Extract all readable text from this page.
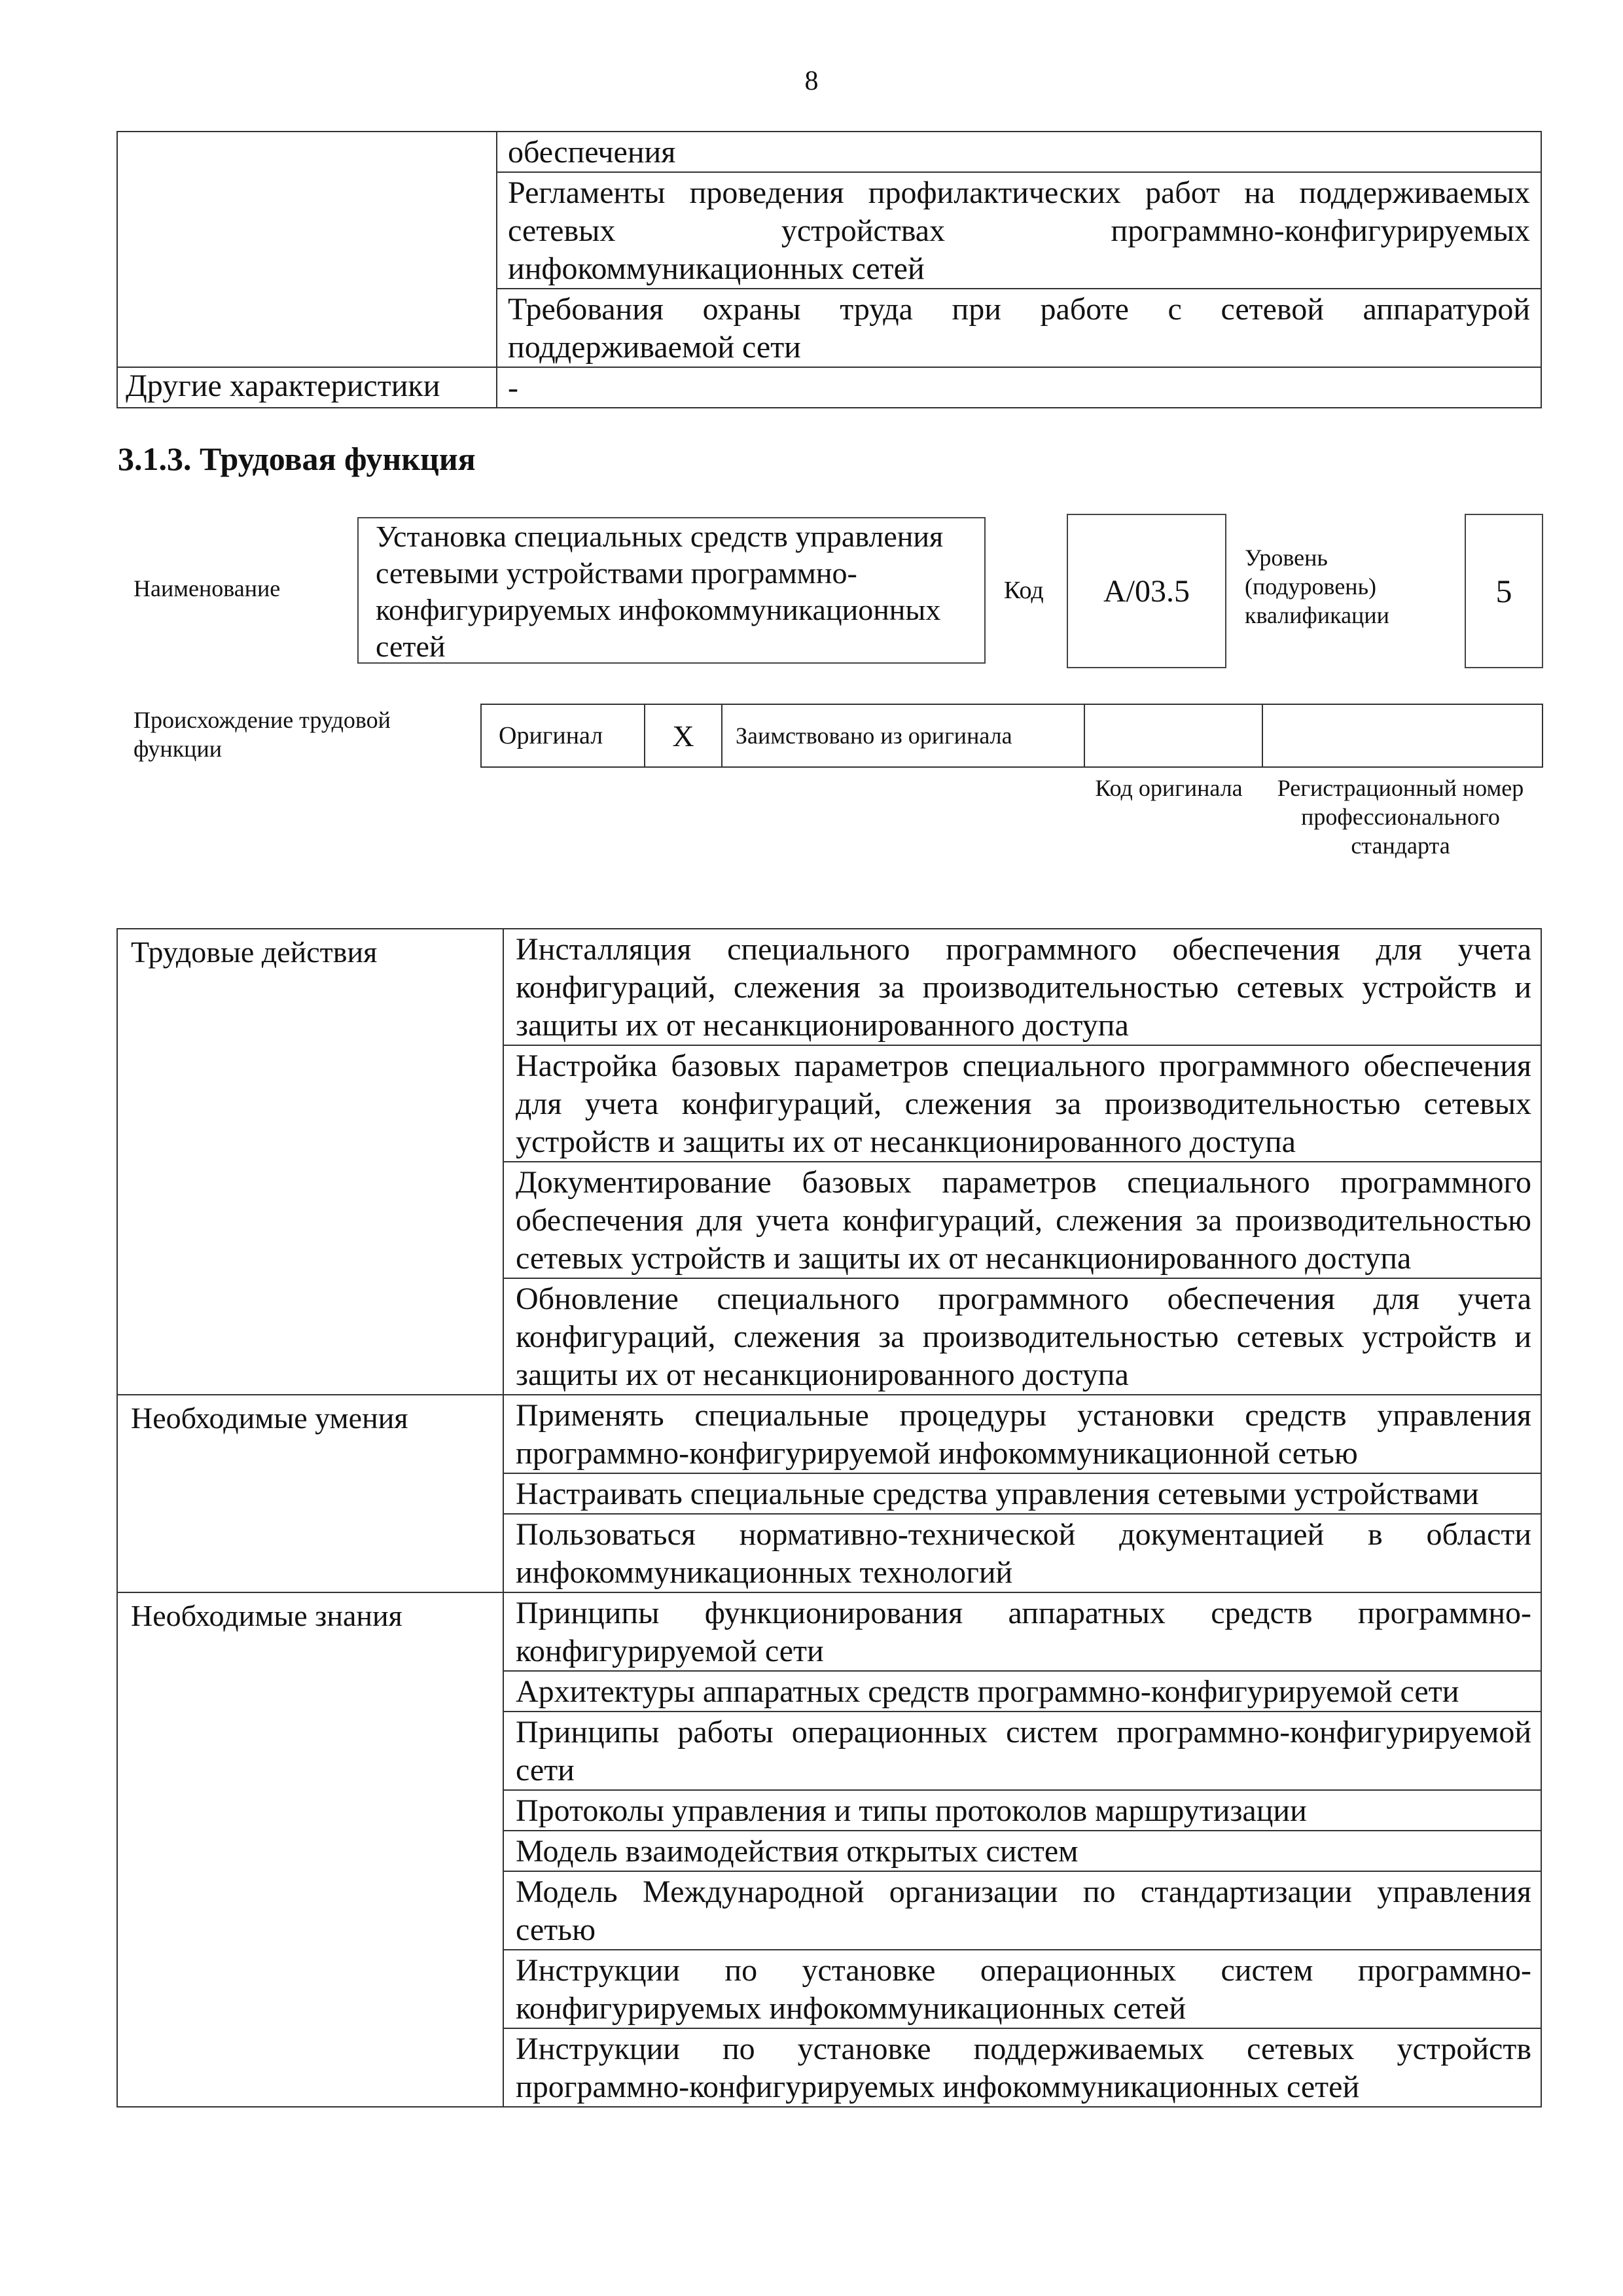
8
	обеспечения
	Регламенты проведения профилактических работ на поддерживаемых сетевых устройствах программно-конфигурируемых инфокоммуникационных сетей
	Требования охраны труда при работе с сетевой аппаратурой поддерживаемой сети
Другие характеристики	-
3.1.3. Трудовая функция
Наименование
Установка специальных средств управления сетевыми устройствами программно-конфигурируемых инфокоммуникационных сетей
Код	А/03.5
Уровень (подуровень) квалификации
5
Происхождение трудовой функции	Оригинал	Х	Заимствовано из оригинала		
Код оригинала Регистрационный номер профессионального стандарта
Трудовые действия	Инсталляция специального программного обеспечения для учета конфигураций, слежения за производительностью сетевых устройств и защиты их от несанкционированного доступа
	Настройка базовых параметров специального программного обеспечения для учета конфигураций, слежения за производительностью сетевых устройств и защиты их от несанкционированного доступа
	Документирование базовых параметров специального программного обеспечения для учета конфигураций, слежения за производительностью сетевых устройств и защиты их от несанкционированного доступа
	Обновление специального программного обеспечения для учета конфигураций, слежения за производительностью сетевых устройств и защиты их от несанкционированного доступа
Необходимые умения	Применять специальные процедуры установки средств управления программно-конфигурируемой инфокоммуникационной сетью
	Настраивать специальные средства управления сетевыми устройствами
	Пользоваться нормативно-технической документацией в области инфокоммуникационных технологий
Необходимые знания	Принципы функционирования аппаратных средств программно-конфигурируемой сети
	Архитектуры аппаратных средств программно-конфигурируемой сети
	Принципы работы операционных систем программно-конфигурируемой сети
	Протоколы управления и типы протоколов маршрутизации
	Модель взаимодействия открытых систем
	Модель Международной организации по стандартизации управления сетью
	Инструкции по установке операционных систем программно-конфигурируемых инфокоммуникационных сетей
	Инструкции по установке поддерживаемых сетевых устройств программно-конфигурируемых инфокоммуникационных сетей
